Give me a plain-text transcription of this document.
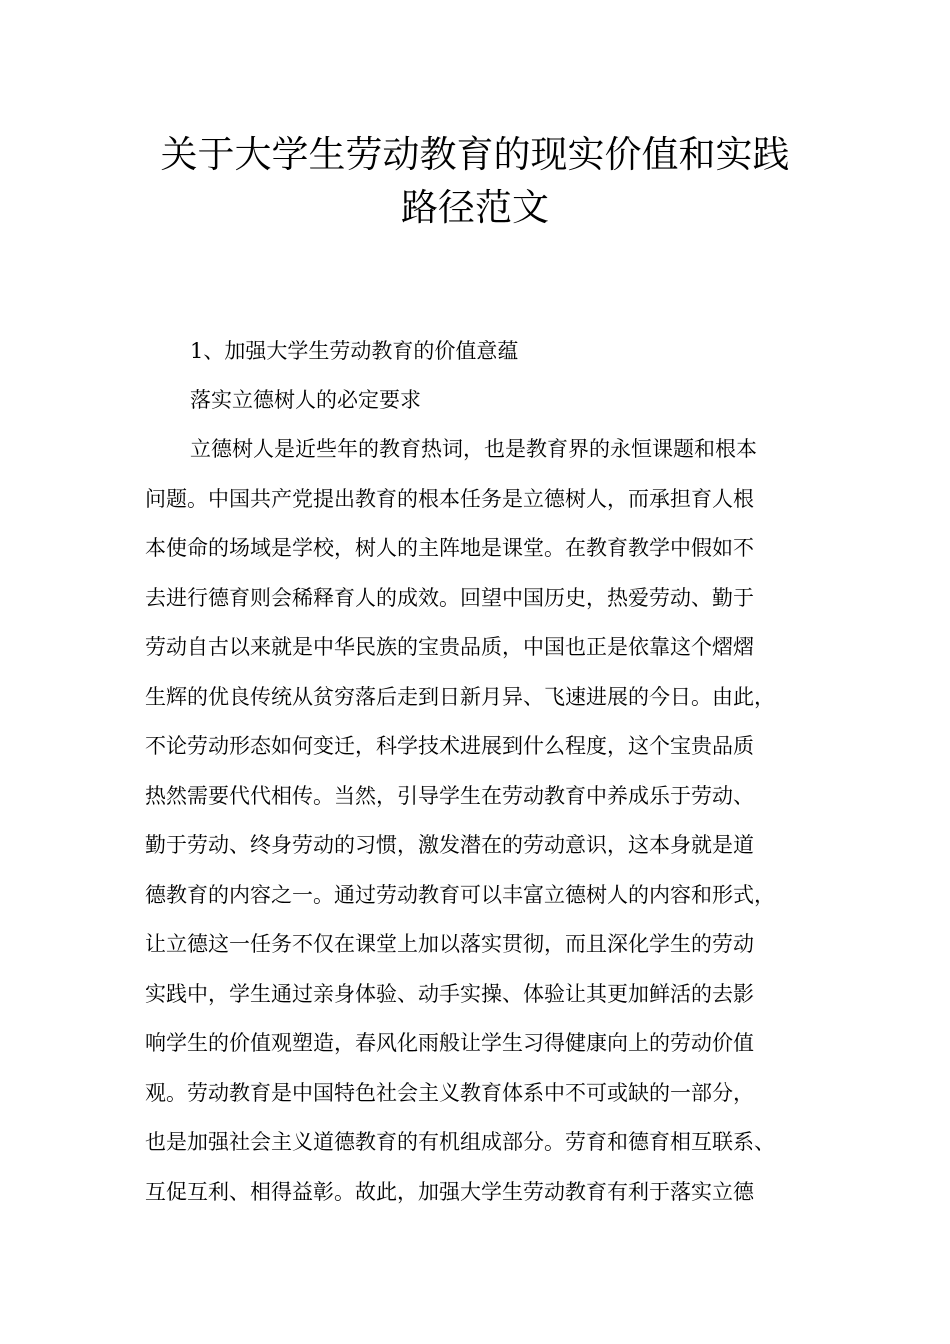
关于大学生劳动教育的现实价值和实践
路径范文

1、加强大学生劳动教育的价值意蕴

落实立德树人的必定要求

立德树人是近些年的教育热词，也是教育界的永恒课题和根本

问题。中国共产党提出教育的根本任务是立德树人，而承担育人根

本使命的场域是学校，树人的主阵地是课堂。在教育教学中假如不

去进行德育则会稀释育人的成效。回望中国历史，热爱劳动、勤于

劳动自古以来就是中华民族的宝贵品质，中国也正是依靠这个熠熠

生辉的优良传统从贫穷落后走到日新月异、飞速进展的今日。由此，

不论劳动形态如何变迁，科学技术进展到什么程度，这个宝贵品质

热然需要代代相传。当然，引导学生在劳动教育中养成乐于劳动、

勤于劳动、终身劳动的习惯，激发潜在的劳动意识，这本身就是道

德教育的内容之一。通过劳动教育可以丰富立德树人的内容和形式，

让立德这一任务不仅在课堂上加以落实贯彻，而且深化学生的劳动

实践中，学生通过亲身体验、动手实操、体验让其更加鲜活的去影

响学生的价值观塑造，春风化雨般让学生习得健康向上的劳动价值

观。劳动教育是中国特色社会主义教育体系中不可或缺的一部分，

也是加强社会主义道德教育的有机组成部分。劳育和德育相互联系、

互促互利、相得益彰。故此，加强大学生劳动教育有利于落实立德
